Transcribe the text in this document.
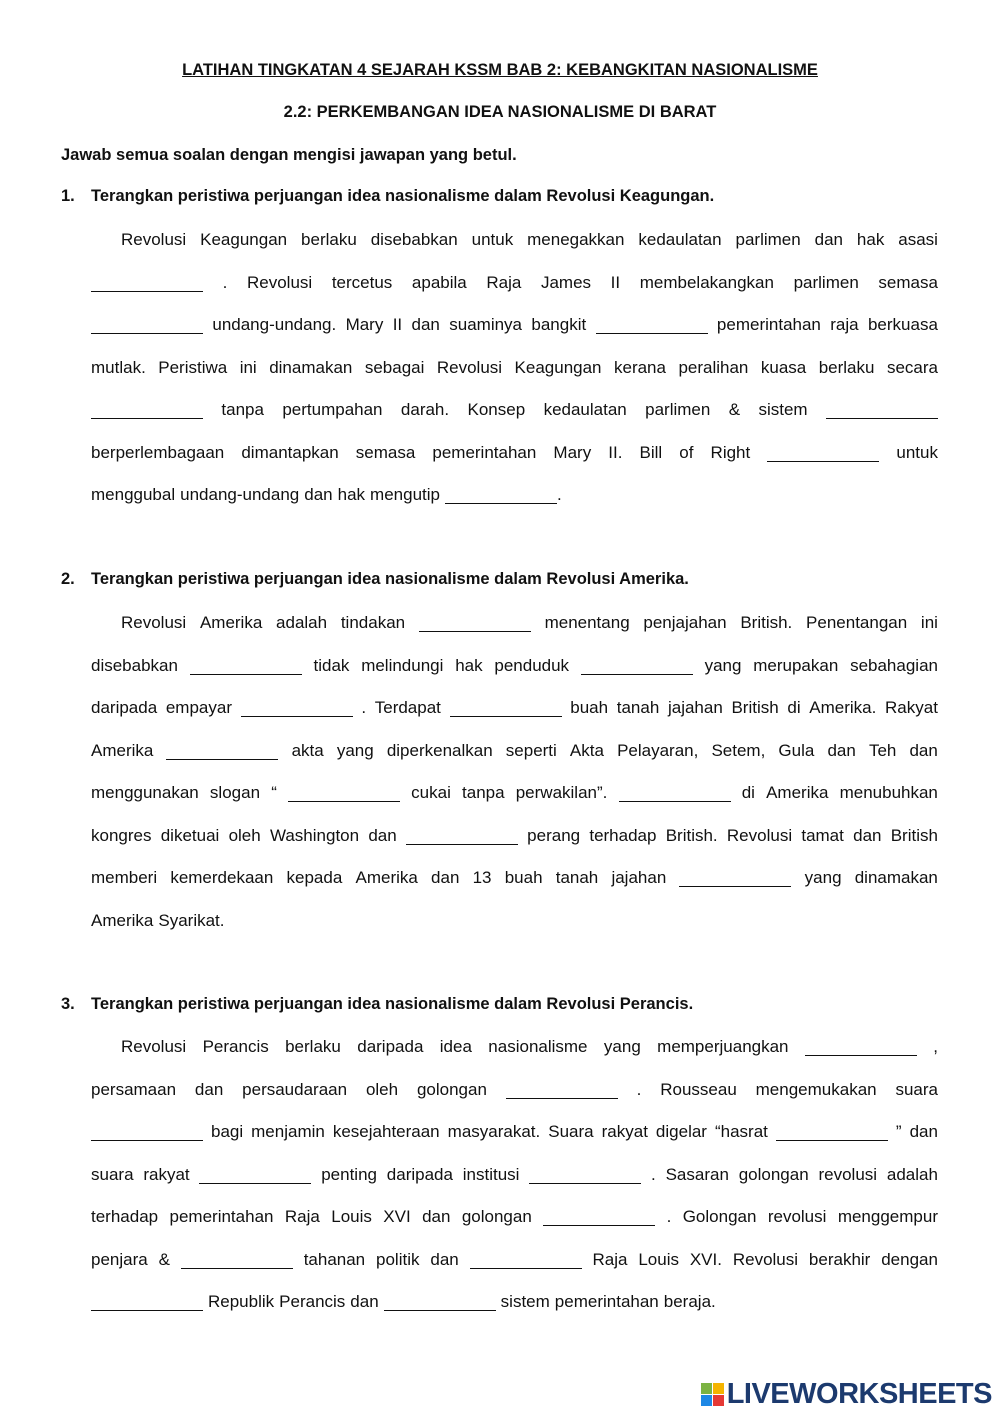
LATIHAN TINGKATAN 4 SEJARAH KSSM BAB 2: KEBANGKITAN NASIONALISME
2.2: PERKEMBANGAN IDEA NASIONALISME DI BARAT
Jawab semua soalan dengan mengisi jawapan yang betul.
1. Terangkan peristiwa perjuangan idea nasionalisme dalam Revolusi Keagungan.
Revolusi Keagungan berlaku disebabkan untuk menegakkan kedaulatan parlimen dan hak asasi
. Revolusi tercetus apabila Raja James II membelakangkan parlimen semasa
undang-undang. Mary II dan suaminya bangkit	pemerintahan raja berkuasa
mutlak. Peristiwa ini dinamakan sebagai Revolusi Keagungan kerana peralihan kuasa berlaku secara
tanpa pertumpahan darah. Konsep kedaulatan parlimen & sistem
berperlembagaan dimantapkan semasa pemerintahan Mary II. Bill of Right	untuk
menggubal undang-undang dan hak mengutip	.
2. Terangkan peristiwa perjuangan idea nasionalisme dalam Revolusi Amerika.
Revolusi Amerika adalah tindakan	menentang penjajahan British. Penentangan ini
disebabkan	tidak melindungi hak penduduk	yang merupakan sebahagian
daripada empayar	. Terdapat	buah tanah jajahan British di Amerika. Rakyat
Amerika	akta yang diperkenalkan seperti Akta Pelayaran, Setem, Gula dan Teh dan
menggunakan slogan “	cukai tanpa perwakilan”.	di Amerika menubuhkan
kongres diketuai oleh Washington dan	perang terhadap British. Revolusi tamat dan British
memberi kemerdekaan kepada Amerika dan 13 buah tanah jajahan	yang dinamakan
Amerika Syarikat.
3. Terangkan peristiwa perjuangan idea nasionalisme dalam Revolusi Perancis.
Revolusi Perancis berlaku daripada idea nasionalisme yang memperjuangkan	,
persamaan dan persaudaraan oleh golongan	. Rousseau mengemukakan suara
bagi menjamin kesejahteraan masyarakat. Suara rakyat digelar “hasrat	” dan
suara rakyat	penting daripada institusi	. Sasaran golongan revolusi adalah
terhadap pemerintahan Raja Louis XVI dan golongan	. Golongan revolusi menggempur
penjara &	tahanan politik dan	Raja Louis XVI. Revolusi berakhir dengan
Republik Perancis dan	sistem pemerintahan beraja.
LIVEWORKSHEETS
